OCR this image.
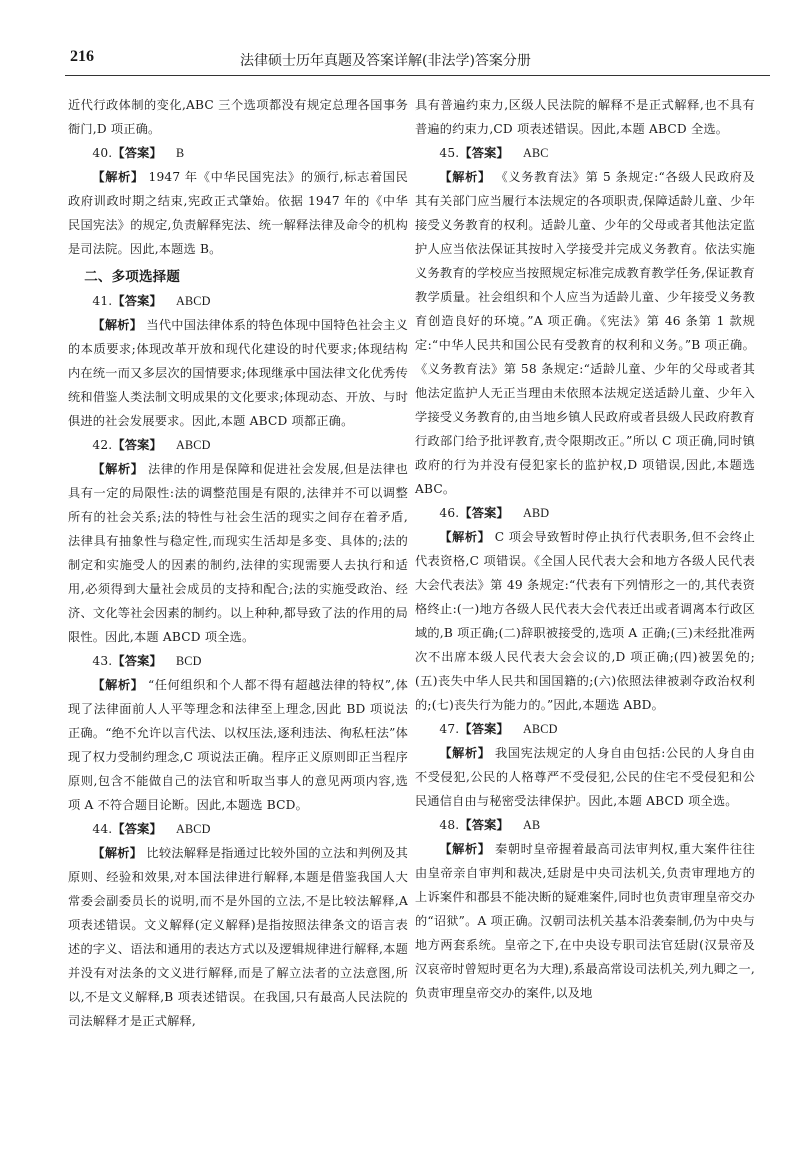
216	法律硕士历年真题及答案详解(非法学)答案分册

近代行政体制的变化,ABC 三个选项都没有规定总理各国事务衙门,D 项正确。

40.【答案】 B

【解析】 1947 年《中华民国宪法》的颁行,标志着国民政府训政时期之结束,宪政正式肇始。依据 1947 年的《中华民国宪法》的规定,负责解释宪法、统一解释法律及命令的机构是司法院。因此,本题选 B。

二、多项选择题

41.【答案】 ABCD

【解析】 当代中国法律体系的特色体现中国特色社会主义的本质要求;体现改革开放和现代化建设的时代要求;体现结构内在统一而又多层次的国情要求;体现继承中国法律文化优秀传统和借鉴人类法制文明成果的文化要求;体现动态、开放、与时俱进的社会发展要求。因此,本题 ABCD 项都正确。

42.【答案】 ABCD

【解析】 法律的作用是保障和促进社会发展,但是法律也具有一定的局限性:法的调整范围是有限的,法律并不可以调整所有的社会关系;法的特性与社会生活的现实之间存在着矛盾,法律具有抽象性与稳定性,而现实生活却是多变、具体的;法的制定和实施受人的因素的制约,法律的实现需要人去执行和适用,必须得到大量社会成员的支持和配合;法的实施受政治、经济、文化等社会因素的制约。以上种种,都导致了法的作用的局限性。因此,本题 ABCD 项全选。

43.【答案】 BCD

【解析】 “任何组织和个人都不得有超越法律的特权”,体现了法律面前人人平等理念和法律至上理念,因此 BD 项说法正确。“绝不允许以言代法、以权压法,逐利违法、徇私枉法”体现了权力受制约理念,C 项说法正确。程序正义原则即正当程序原则,包含不能做自己的法官和听取当事人的意见两项内容,选项 A 不符合题目论断。因此,本题选 BCD。

44.【答案】 ABCD

【解析】 比较法解释是指通过比较外国的立法和判例及其原则、经验和效果,对本国法律进行解释,本题是借鉴我国人大常委会副委员长的说明,而不是外国的立法,不是比较法解释,A 项表述错误。文义解释(定义解释)是指按照法律条文的语言表述的字义、语法和通用的表达方式以及逻辑规律进行解释,本题并没有对法条的文义进行解释,而是了解立法者的立法意图,所以,不是文义解释,B 项表述错误。在我国,只有最高人民法院的司法解释才是正式解释,

具有普遍约束力,区级人民法院的解释不是正式解释,也不具有普遍的约束力,CD 项表述错误。因此,本题 ABCD 全选。

45.【答案】 ABC

【解析】 《义务教育法》第 5 条规定:“各级人民政府及其有关部门应当履行本法规定的各项职责,保障适龄儿童、少年接受义务教育的权利。适龄儿童、少年的父母或者其他法定监护人应当依法保证其按时入学接受并完成义务教育。依法实施义务教育的学校应当按照规定标准完成教育教学任务,保证教育教学质量。社会组织和个人应当为适龄儿童、少年接受义务教育创造良好的环境。”A 项正确。《宪法》第 46 条第 1 款规定:“中华人民共和国公民有受教育的权利和义务。”B 项正确。《义务教育法》第 58 条规定:“适龄儿童、少年的父母或者其他法定监护人无正当理由未依照本法规定送适龄儿童、少年入学接受义务教育的,由当地乡镇人民政府或者县级人民政府教育行政部门给予批评教育,责令限期改正。”所以 C 项正确,同时镇政府的行为并没有侵犯家长的监护权,D 项错误,因此,本题选 ABC。

46.【答案】 ABD

【解析】 C 项会导致暂时停止执行代表职务,但不会终止代表资格,C 项错误。《全国人民代表大会和地方各级人民代表大会代表法》第 49 条规定:“代表有下列情形之一的,其代表资格终止:(一)地方各级人民代表大会代表迁出或者调离本行政区域的,B 项正确;(二)辞职被接受的,选项 A 正确;(三)未经批准两次不出席本级人民代表大会会议的,D 项正确;(四)被罢免的;(五)丧失中华人民共和国国籍的;(六)依照法律被剥夺政治权利的;(七)丧失行为能力的。”因此,本题选 ABD。

47.【答案】 ABCD

【解析】 我国宪法规定的人身自由包括:公民的人身自由不受侵犯,公民的人格尊严不受侵犯,公民的住宅不受侵犯和公民通信自由与秘密受法律保护。因此,本题 ABCD 项全选。

48.【答案】 AB

【解析】 秦朝时皇帝握着最高司法审判权,重大案件往往由皇帝亲自审判和裁决,廷尉是中央司法机关,负责审理地方的上诉案件和郡县不能决断的疑难案件,同时也负责审理皇帝交办的“诏狱”。A 项正确。汉朝司法机关基本沿袭秦制,仍为中央与地方两套系统。皇帝之下,在中央设专职司法官廷尉(汉景帝及汉哀帝时曾短时更名为大理),系最高常设司法机关,列九卿之一,负责审理皇帝交办的案件,以及地
